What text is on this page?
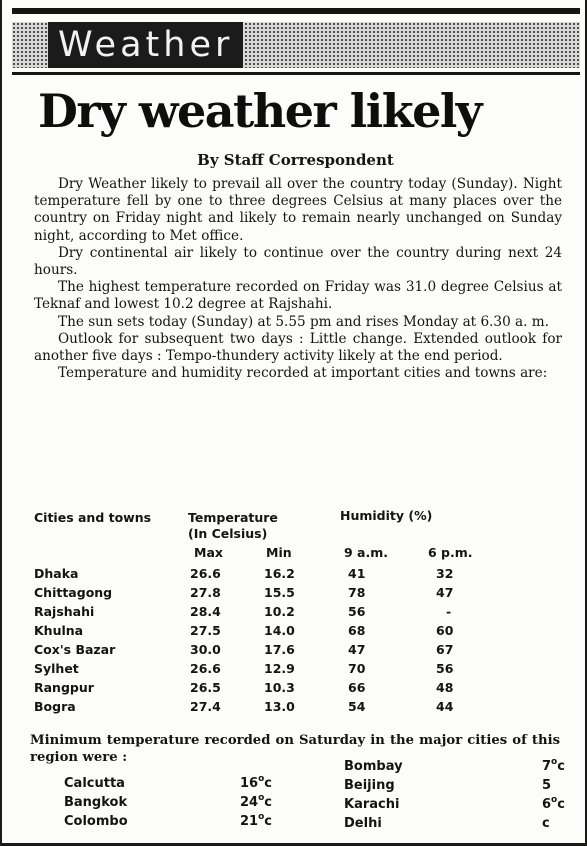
Weather
Dry weather likely
By Staff Correspondent

Dry Weather likely to prevail all over the country today (Sunday). Night temperature fell by one to three degrees Celsius at many places over the country on Friday night and likely to remain nearly unchanged on Sunday night, according to Met office.

Dry continental air likely to continue over the country during next 24 hours.

The highest temperature recorded on Friday was 31.0 degree Celsius at Teknaf and lowest 10.2 degree at Rajshahi.

The sun sets today (Sunday) at 5.55 pm and rises Monday at 6.30 a. m.

Outlook for subsequent two days : Little change. Extended outlook for another five days : Tempo-thundery activity likely at the end period.

Temperature and humidity recorded at important cities and towns are:

Cities and towns	Temperature
(In Celsius)
Humidity (%)
Max	Min	9 a.m.	6 p.m.
Dhaka	26.6	16.2	41	32
Chittagong	27.8	15.5	78	47
Rajshahi	28.4	10.2	56	-
Khulna	27.5	14.0	68	60
Cox's Bazar	30.0	17.6	47	67
Sylhet	26.6	12.9	70	56
Rangpur	26.5	10.3	66	48
Bogra	27.4	13.0	54	44
Minimum temperature recorded on Saturday in the major cities of this region were :
Calcutta	16$^o$c
Bangkok	24$^o$c
Colombo	21$^o$c
Bombay	7$^o$c
Beijing	5
Karachi	6$^o$c
Delhi	c
